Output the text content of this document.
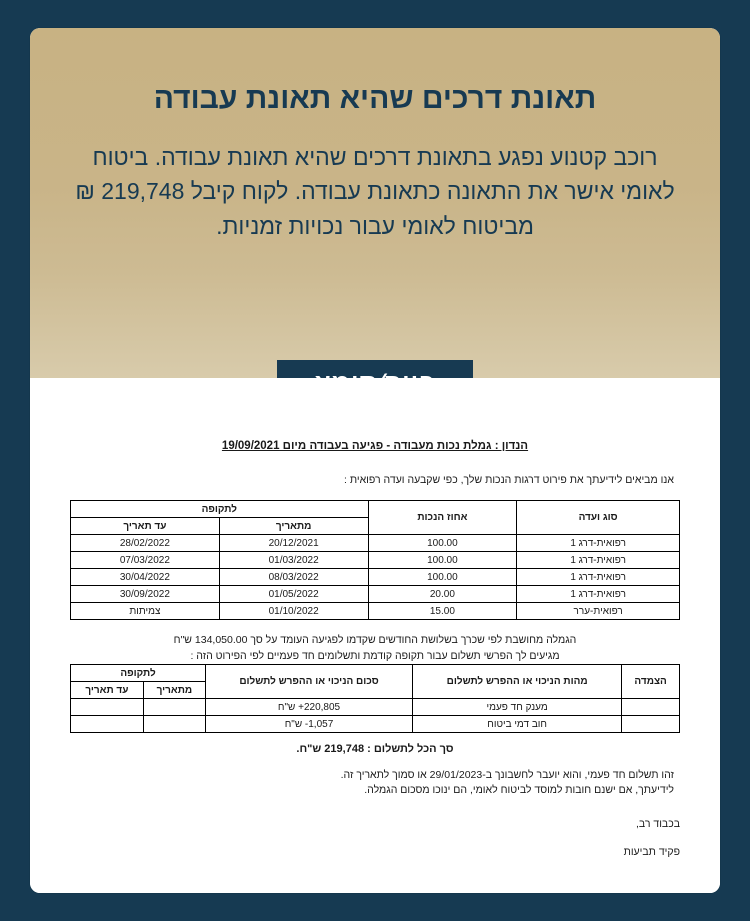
תאונת דרכים שהיא תאונת עבודה

רוכב קטנוע נפגע בתאונת דרכים שהיא תאונת עבודה. ביטוח לאומי אישר את התאונה כתאונת עבודה. לקוח קיבל 219,748 ₪ מביטוח לאומי עבור נכויות זמניות.

הנדון : גמלת נכות מעבודה - פגיעה בעבודה מיום 19/09/2021
אנו מביאים לידיעתך את פירוט דרגות הנכות שלך, כפי שקבעה ועדה רפואית :
סוג ועדה	אחוז הנכות	לתקופה	
		מתאריך	עד תאריך
רפואית-דרג 1	100.00	20/12/2021	28/02/2022
רפואית-דרג 1	100.00	01/03/2022	07/03/2022
רפואית-דרג 1	100.00	08/03/2022	30/04/2022
רפואית-דרג 1	20.00	01/05/2022	30/09/2022
רפואית-ערר	15.00	01/10/2022	צמיתות
הגמלה מחושבת לפי שכרך בשלושת החודשים שקדמו לפגיעה העומד על סך 134,050.00 ש"ח
מגיעים לך הפרשי תשלום עבור תקופה קודמת ותשלומים חד פעמיים לפי הפירוט הזה :
הצמדה	מהות הניכוי או ההפרש לתשלום	סכום הניכוי או ההפרש לתשלום	לתקופה	
			מתאריך	עד תאריך
	מענק חד פעמי	220,805+ ש"ח		
	חוב דמי ביטוח	1,057- ש"ח		
סך הכל לתשלום : 219,748 ש"ח.
זהו תשלום חד פעמי, והוא יועבר לחשבונך ב-29/01/2023 או סמוך לתאריך זה.
לידיעתך, אם ישנם חובות למוסד לביטוח לאומי, הם ינוכו מסכום הגמלה.
בכבוד רב,
פקיד תביעות
